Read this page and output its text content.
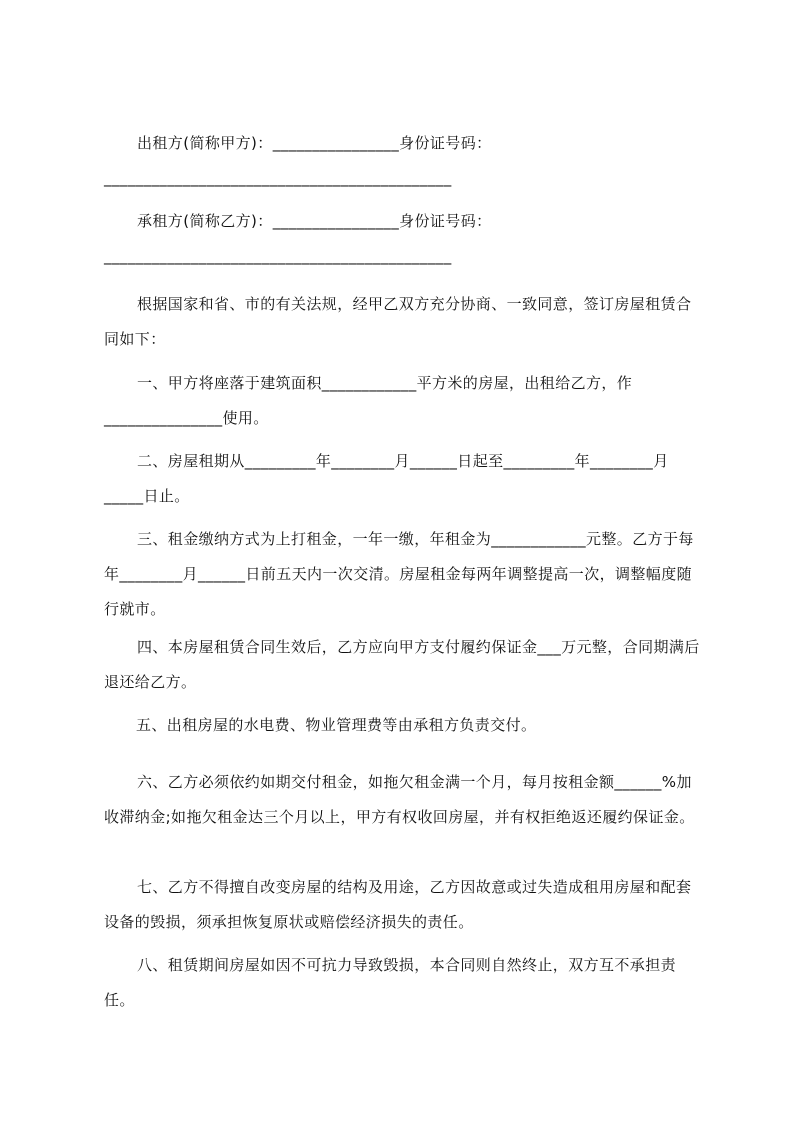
出租方(简称甲方)：________________身份证号码：____________________________________________

承租方(简称乙方)：________________身份证号码：____________________________________________

根据国家和省、市的有关法规，经甲乙双方充分协商、一致同意，签订房屋租赁合同如下：

一、甲方将座落于建筑面积____________平方米的房屋，出租给乙方，作_______________使用。

二、房屋租期从_________年________月______日起至_________年________月_____日止。

三、租金缴纳方式为上打租金，一年一缴，年租金为____________元整。乙方于每年________月______日前五天内一次交清。房屋租金每两年调整提高一次，调整幅度随行就市。

四、本房屋租赁合同生效后，乙方应向甲方支付履约保证金___万元整，合同期满后退还给乙方。

五、出租房屋的水电费、物业管理费等由承租方负责交付。

六、乙方必须依约如期交付租金，如拖欠租金满一个月，每月按租金额______%加收滞纳金;如拖欠租金达三个月以上，甲方有权收回房屋，并有权拒绝返还履约保证金。

七、乙方不得擅自改变房屋的结构及用途，乙方因故意或过失造成租用房屋和配套设备的毁损，须承担恢复原状或赔偿经济损失的责任。

八、租赁期间房屋如因不可抗力导致毁损，本合同则自然终止，双方互不承担责任。
